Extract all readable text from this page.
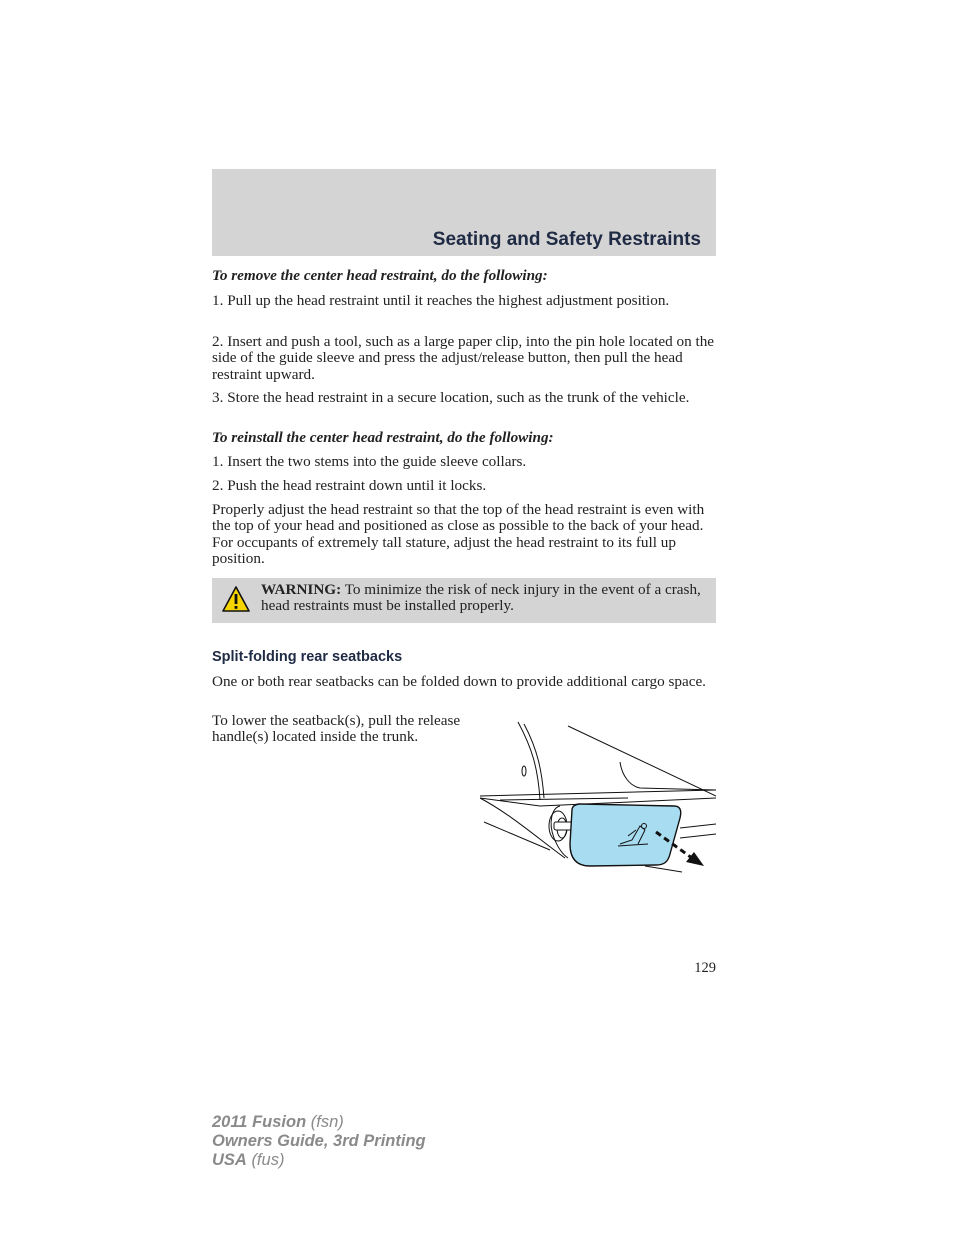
Seating and Safety Restraints

To remove the center head restraint, do the following:

1. Pull up the head restraint until it reaches the highest adjustment position.

2. Insert and push a tool, such as a large paper clip, into the pin hole located on the side of the guide sleeve and press the adjust/release button, then pull the head restraint upward.

3. Store the head restraint in a secure location, such as the trunk of the vehicle.

To reinstall the center head restraint, do the following:

1. Insert the two stems into the guide sleeve collars.

2. Push the head restraint down until it locks.

Properly adjust the head restraint so that the top of the head restraint is even with the top of your head and positioned as close as possible to the back of your head. For occupants of extremely tall stature, adjust the head restraint to its full up position.

WARNING: To minimize the risk of neck injury in the event of a crash, head restraints must be installed properly.
Split-folding rear seatbacks

One or both rear seatbacks can be folded down to provide additional cargo space.

To lower the seatback(s), pull the release handle(s) located inside the trunk.

129
2011 Fusion (fsn)
Owners Guide, 3rd Printing
USA (fus)
